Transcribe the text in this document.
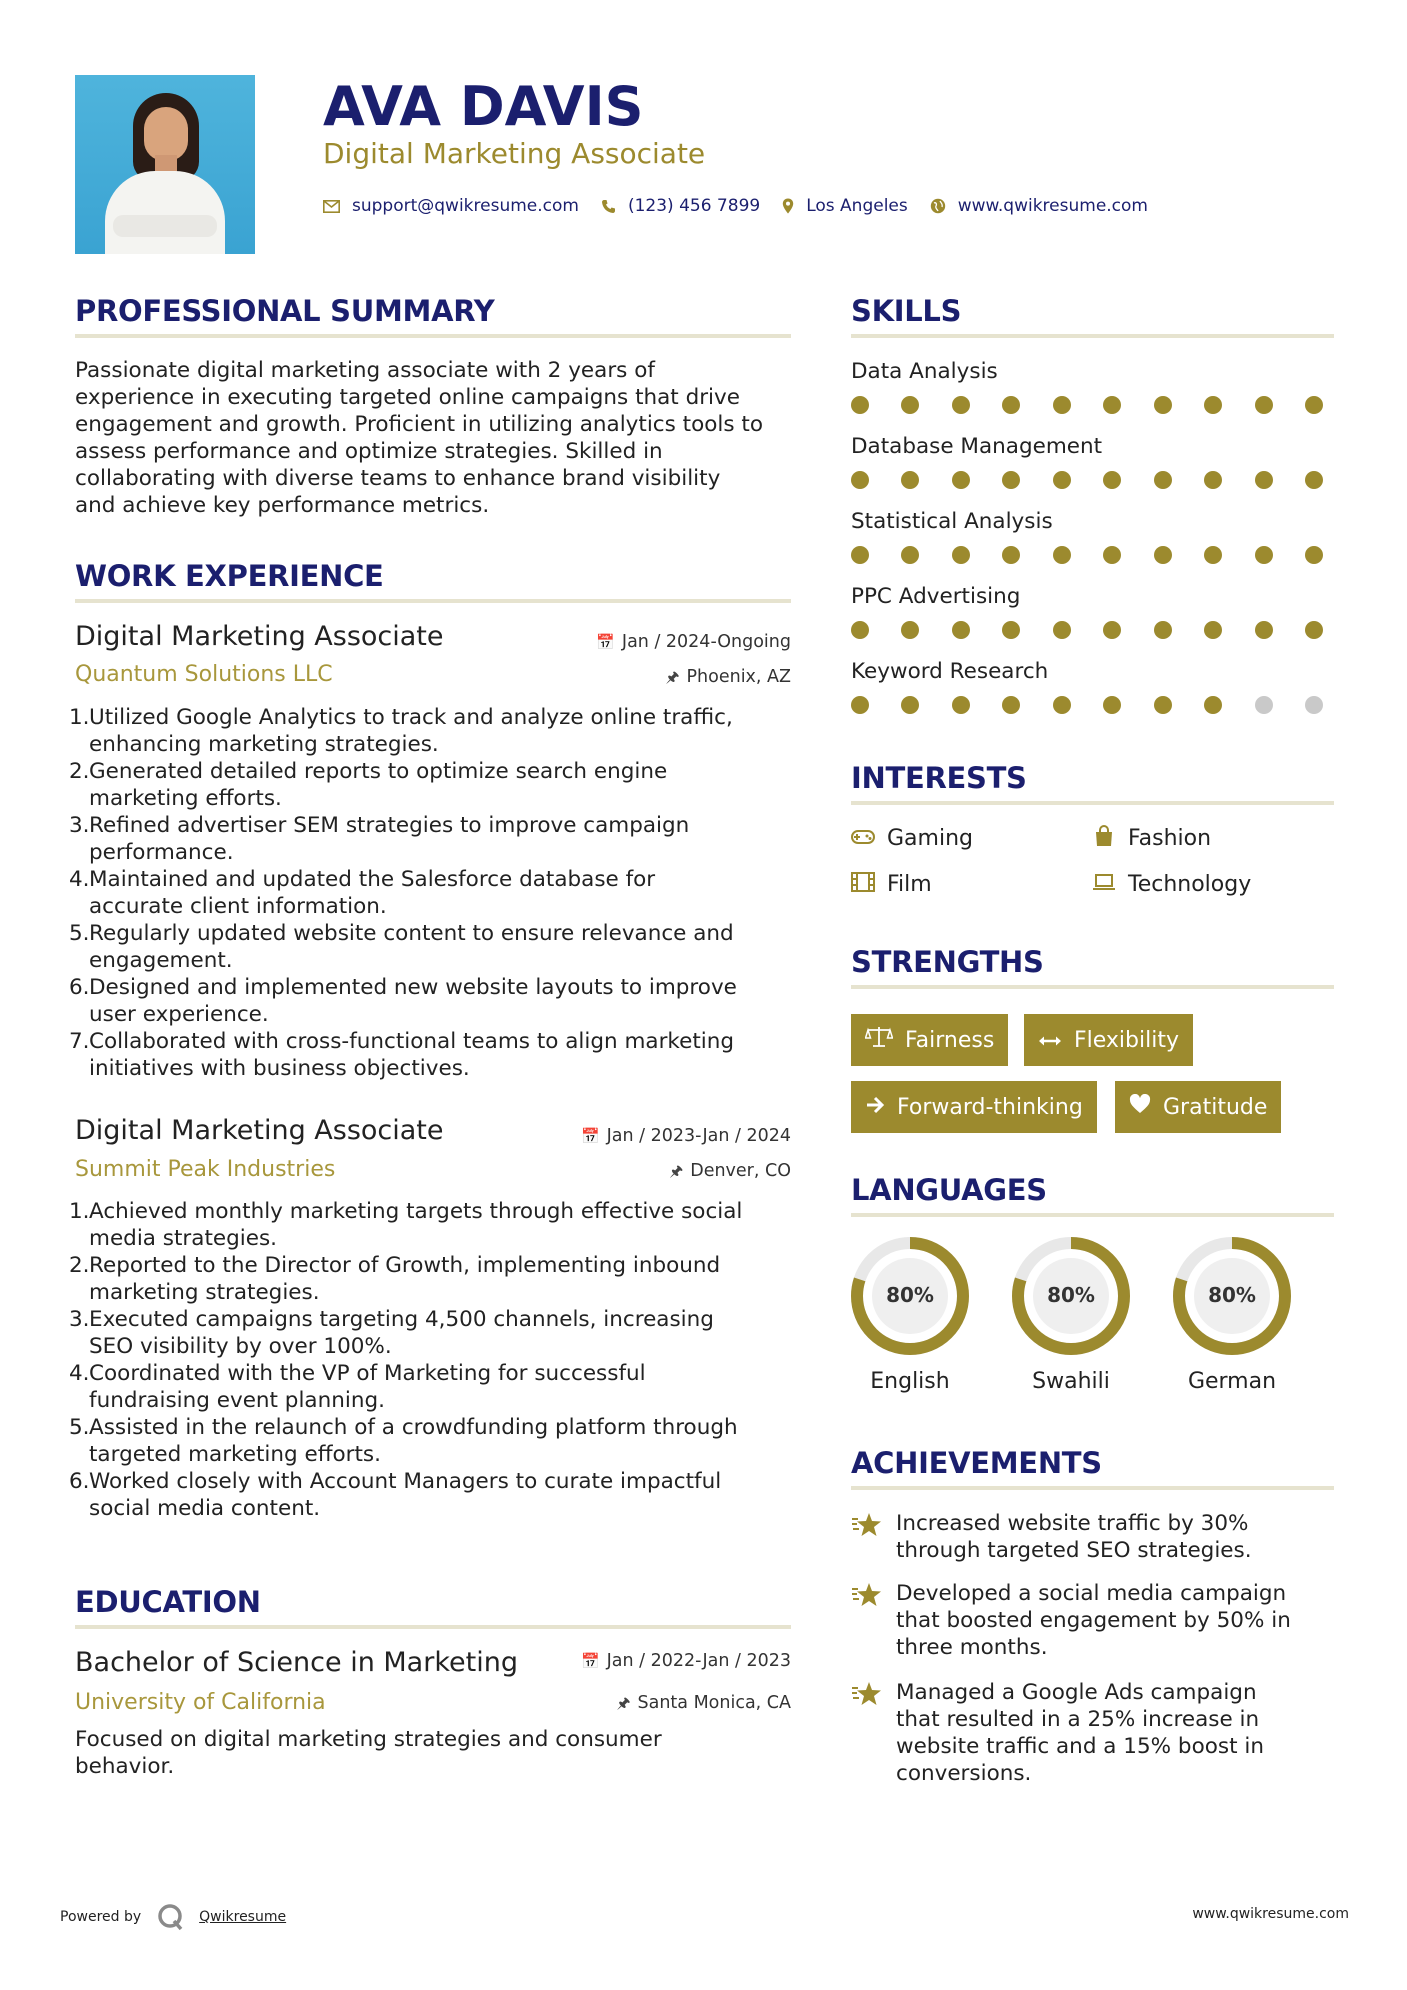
AVA DAVIS
Digital Marketing Associate
support@qwikresume.com	(123) 456 7899	Los Angeles	www.qwikresume.com
PROFESSIONAL SUMMARY
Passionate digital marketing associate with 2 years of
experience in executing targeted online campaigns that drive
engagement and growth. Proficient in utilizing analytics tools to
assess performance and optimize strategies. Skilled in
collaborating with diverse teams to enhance brand visibility
and achieve key performance metrics.
WORK EXPERIENCE
Digital Marketing Associate	📅 Jan / 2024-Ongoing
Quantum Solutions LLC	🖈 Phoenix, AZ
1. Utilized Google Analytics to track and analyze online traffic,
enhancing marketing strategies.
2. Generated detailed reports to optimize search engine
marketing efforts.
3. Refined advertiser SEM strategies to improve campaign
performance.
4. Maintained and updated the Salesforce database for
accurate client information.
5. Regularly updated website content to ensure relevance and
engagement.
6. Designed and implemented new website layouts to improve
user experience.
7. Collaborated with cross-functional teams to align marketing
initiatives with business objectives.
Digital Marketing Associate	📅 Jan / 2023-Jan / 2024
Summit Peak Industries	🖈 Denver, CO
1. Achieved monthly marketing targets through effective social
media strategies.
2. Reported to the Director of Growth, implementing inbound
marketing strategies.
3. Executed campaigns targeting 4,500 channels, increasing
SEO visibility by over 100%.
4. Coordinated with the VP of Marketing for successful
fundraising event planning.
5. Assisted in the relaunch of a crowdfunding platform through
targeted marketing efforts.
6. Worked closely with Account Managers to curate impactful
social media content.
EDUCATION
Bachelor of Science in Marketing	📅 Jan / 2022-Jan / 2023
University of California	🖈 Santa Monica, CA
Focused on digital marketing strategies and consumer
behavior.
SKILLS
Data Analysis
Database Management
Statistical Analysis
PPC Advertising
Keyword Research
INTERESTS
Gaming	Fashion
Film	Technology
STRENGTHS
Fairness	Flexibility
Forward-thinking	Gratitude
LANGUAGES
80%
English
80%
Swahili
80%
German
ACHIEVEMENTS
Increased website traffic by 30%
through targeted SEO strategies.
Developed a social media campaign
that boosted engagement by 50% in
three months.
Managed a Google Ads campaign
that resulted in a 25% increase in
website traffic and a 15% boost in
conversions.
Powered by	Qwikresume	www.qwikresume.com
